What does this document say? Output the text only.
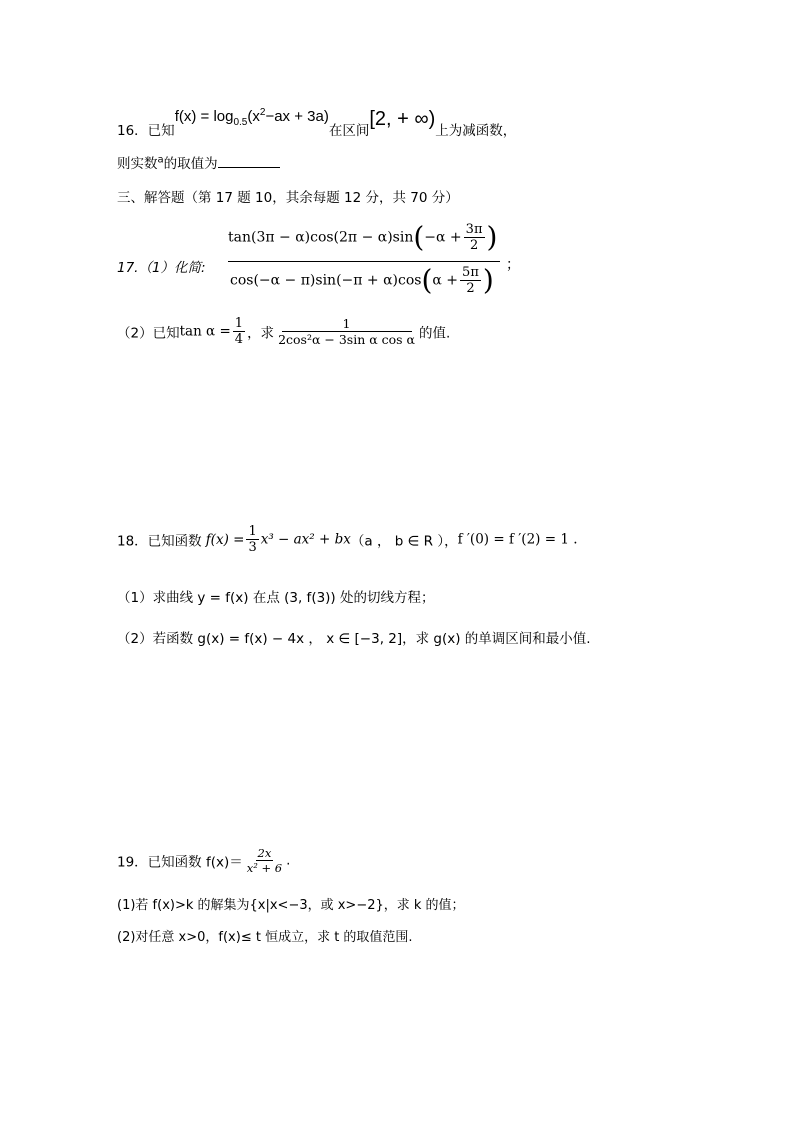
16．已知$f(x) = \log_{0.5}(x^2-ax + 3a)$在区间[2, + ∞)上为减函数，
则实数$^a$的取值为
三、解答题（第 17 题 10，其余每题 12 分，共 70 分）
17.（1）化简:
$\tan(3\pi - \alpha)\cos(2\pi - \alpha)\sin(-\alpha + \frac{3\pi}{2}$ )
$\cos(-\alpha - \pi)\sin(-\pi + \alpha)\cos(\alpha + \frac{5\pi}{2}$ ) ；
（2）已知$\tan \alpha = \frac{1}{4}$ ，求 $\frac{1}{\text{2cos²α − 3sin α cos α}}$ 的值.
18．已知函数 $f(x) = \frac{1}{3} x^3 - ax^2 + bx(a$ ， b ∈ R ），f ′(0) = f ′(2) = 1 .
（1）求曲线 y = f(x) 在点 (3, f(3)) 处的切线方程；
（2）若函数 g(x) = f(x) − 4x ， x ∈ [−3, 2]，求 g(x) 的单调区间和最小值.
19．已知函数 $f(x)= \frac{2x}{\text{x² + 6}}$ .
(1)若 f(x)>k 的解集为{x|x<−3，或 x>−2}，求 k 的值；
(2)对任意 x>0，f(x)≤ t 恒成立，求 t 的取值范围.
